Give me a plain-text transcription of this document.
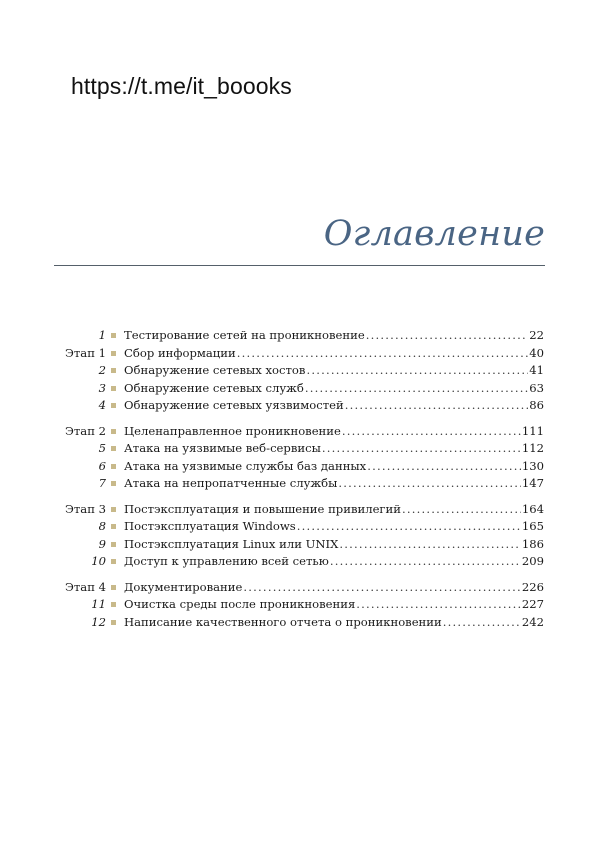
https://t.me/it_boooks
Оглавление
1 Тестирование сетей на проникновение .....	22
Этап 1 Сбор информации .....	40
2 Обнаружение сетевых хостов .....	41
3 Обнаружение сетевых служб .....	63
4 Обнаружение сетевых уязвимостей .....	86
Этап 2 Целенаправленное проникновение .....	111
5 Атака на уязвимые веб-сервисы .....	112
6 Атака на уязвимые службы баз данных .....	130
7 Атака на непропатченные службы .....	147
Этап 3 Постэксплуатация и повышение привилегий .....	164
8 Постэксплуатация Windows .....	165
9 Постэксплуатация Linux или UNIX .....	186
10 Доступ к управлению всей сетью .....	209
Этап 4 Документирование .....	226
11 Очистка среды после проникновения .....	227
12 Написание качественного отчета о проникновении .....	242
